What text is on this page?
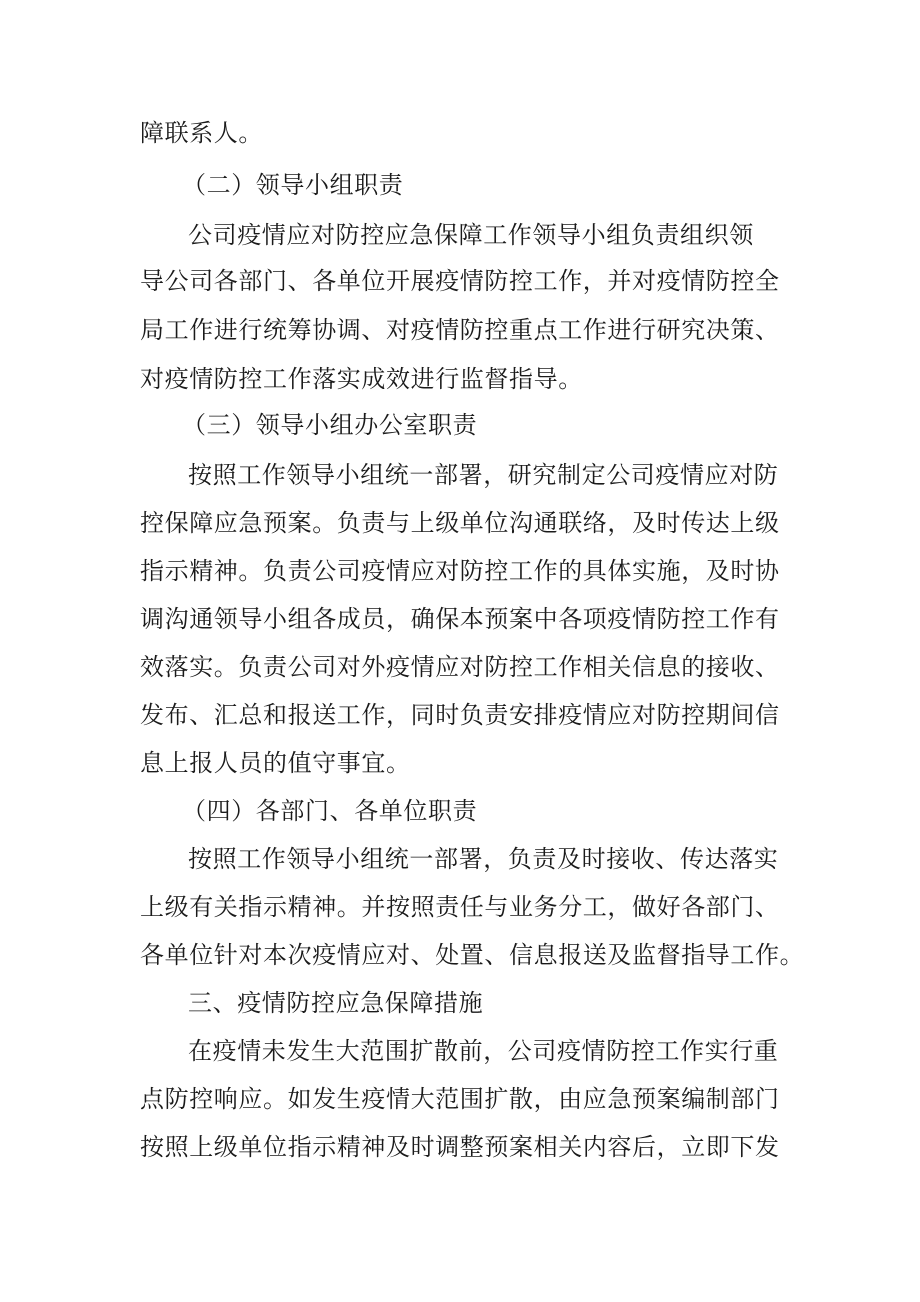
障联系人。
（二）领导小组职责
公司疫情应对防控应急保障工作领导小组负责组织领
导公司各部门、各单位开展疫情防控工作，并对疫情防控全
局工作进行统筹协调、对疫情防控重点工作进行研究决策、
对疫情防控工作落实成效进行监督指导。
（三）领导小组办公室职责
按照工作领导小组统一部署，研究制定公司疫情应对防
控保障应急预案。负责与上级单位沟通联络，及时传达上级
指示精神。负责公司疫情应对防控工作的具体实施，及时协
调沟通领导小组各成员，确保本预案中各项疫情防控工作有
效落实。负责公司对外疫情应对防控工作相关信息的接收、
发布、汇总和报送工作，同时负责安排疫情应对防控期间信
息上报人员的值守事宜。
（四）各部门、各单位职责
按照工作领导小组统一部署，负责及时接收、传达落实
上级有关指示精神。并按照责任与业务分工，做好各部门、
各单位针对本次疫情应对、处置、信息报送及监督指导工作。
三、疫情防控应急保障措施
在疫情未发生大范围扩散前，公司疫情防控工作实行重
点防控响应。如发生疫情大范围扩散，由应急预案编制部门
按照上级单位指示精神及时调整预案相关内容后，立即下发
